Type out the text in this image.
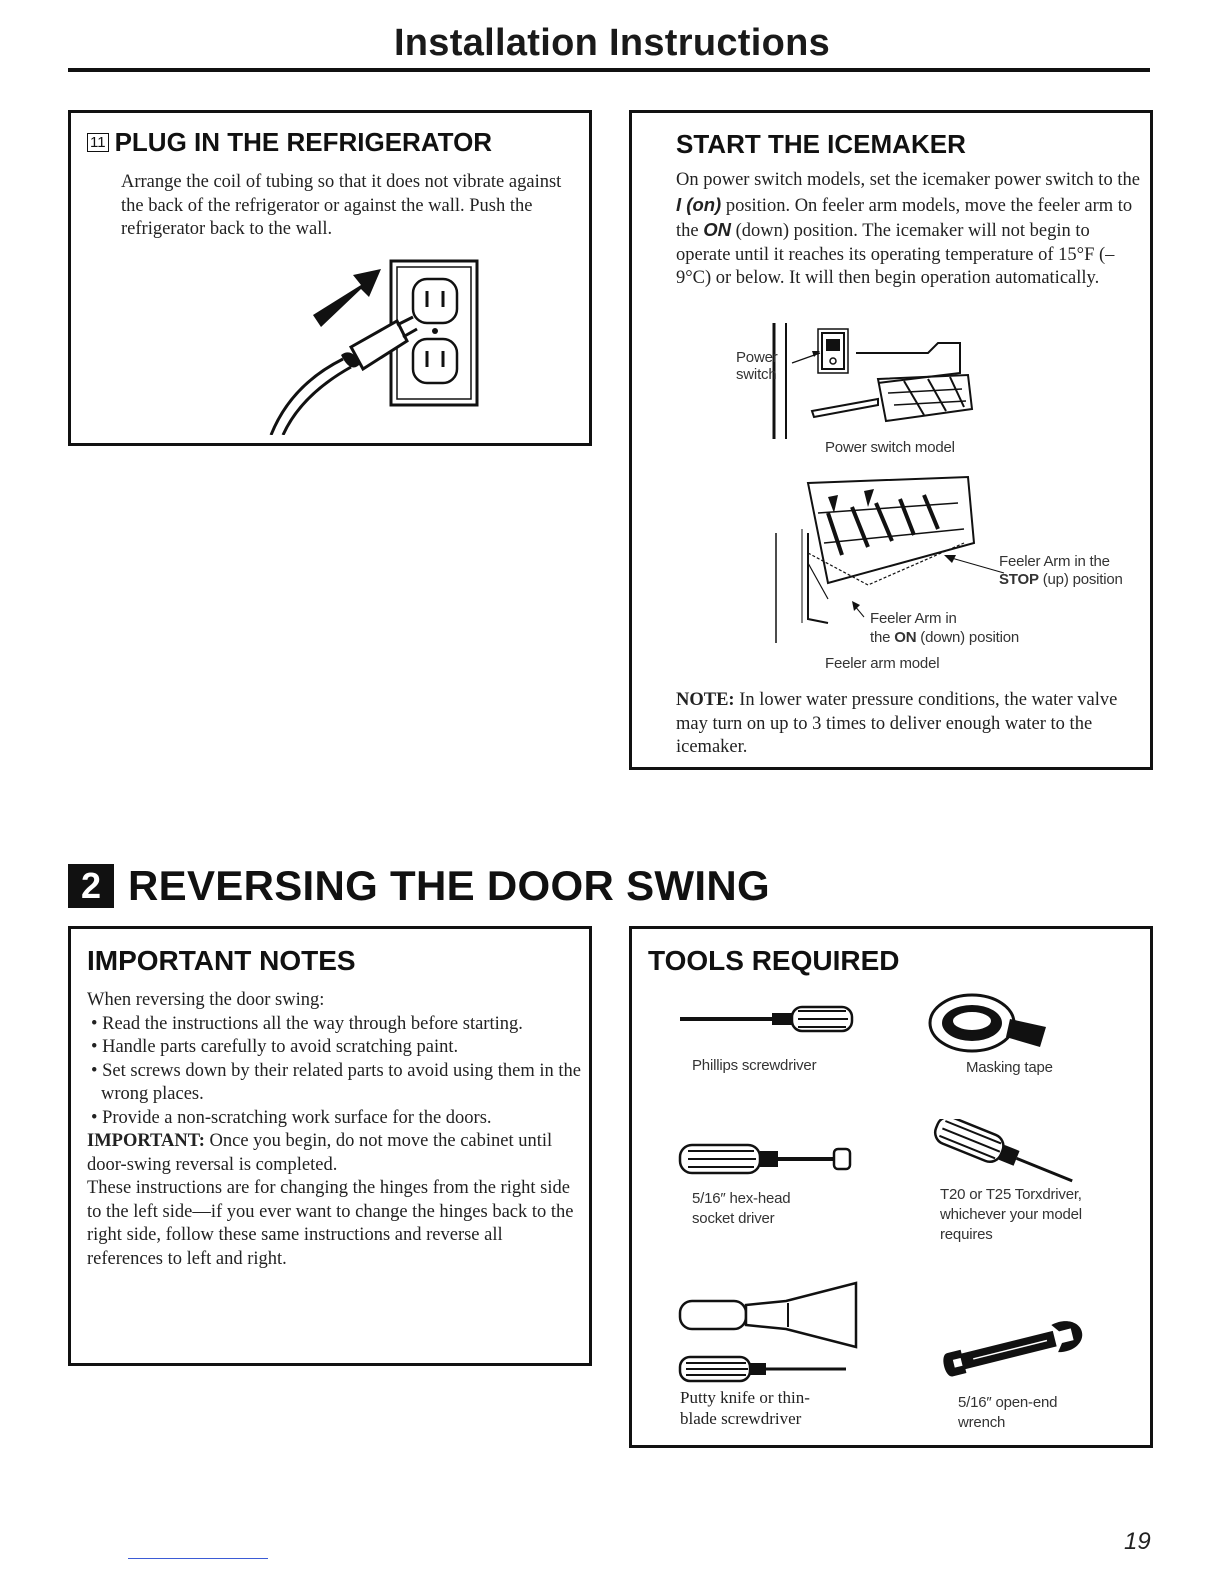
Installation Instructions
11 PLUG IN THE REFRIGERATOR
Arrange the coil of tubing so that it does not vibrate against the back of the refrigerator or against the wall. Push the refrigerator back to the wall.
START THE ICEMAKER
On power switch models, set the icemaker power switch to the I (on) position. On feeler arm models, move the feeler arm to the ON (down) position. The icemaker will not begin to operate until it reaches its operating temperature of 15°F (–9°C) or below. It will then begin operation automatically.
Power
switch
Power switch model
Feeler Arm in the
STOP (up) position
Feeler Arm in
the ON (down) position
Feeler arm model
NOTE: In lower water pressure conditions, the water valve may turn on up to 3 times to deliver enough water to the icemaker.
2 REVERSING THE DOOR SWING
IMPORTANT NOTES

When reversing the door swing:

• Read the instructions all the way through before starting.

• Handle parts carefully to avoid scratching paint.

• Set screws down by their related parts to avoid using them in the wrong places.

• Provide a non-scratching work surface for the doors.

IMPORTANT: Once you begin, do not move the cabinet until door-swing reversal is completed.

These instructions are for changing the hinges from the right side to the left side—if you ever want to change the hinges back to the right side, follow these same instructions and reverse all references to left and right.

TOOLS REQUIRED
Phillips screwdriver	Masking tape
5/16″ hex-head
socket driver
T20 or T25 Torxdriver,
whichever your model
requires
Putty knife or thin-
blade screwdriver
5/16″ open-end
wrench
19
